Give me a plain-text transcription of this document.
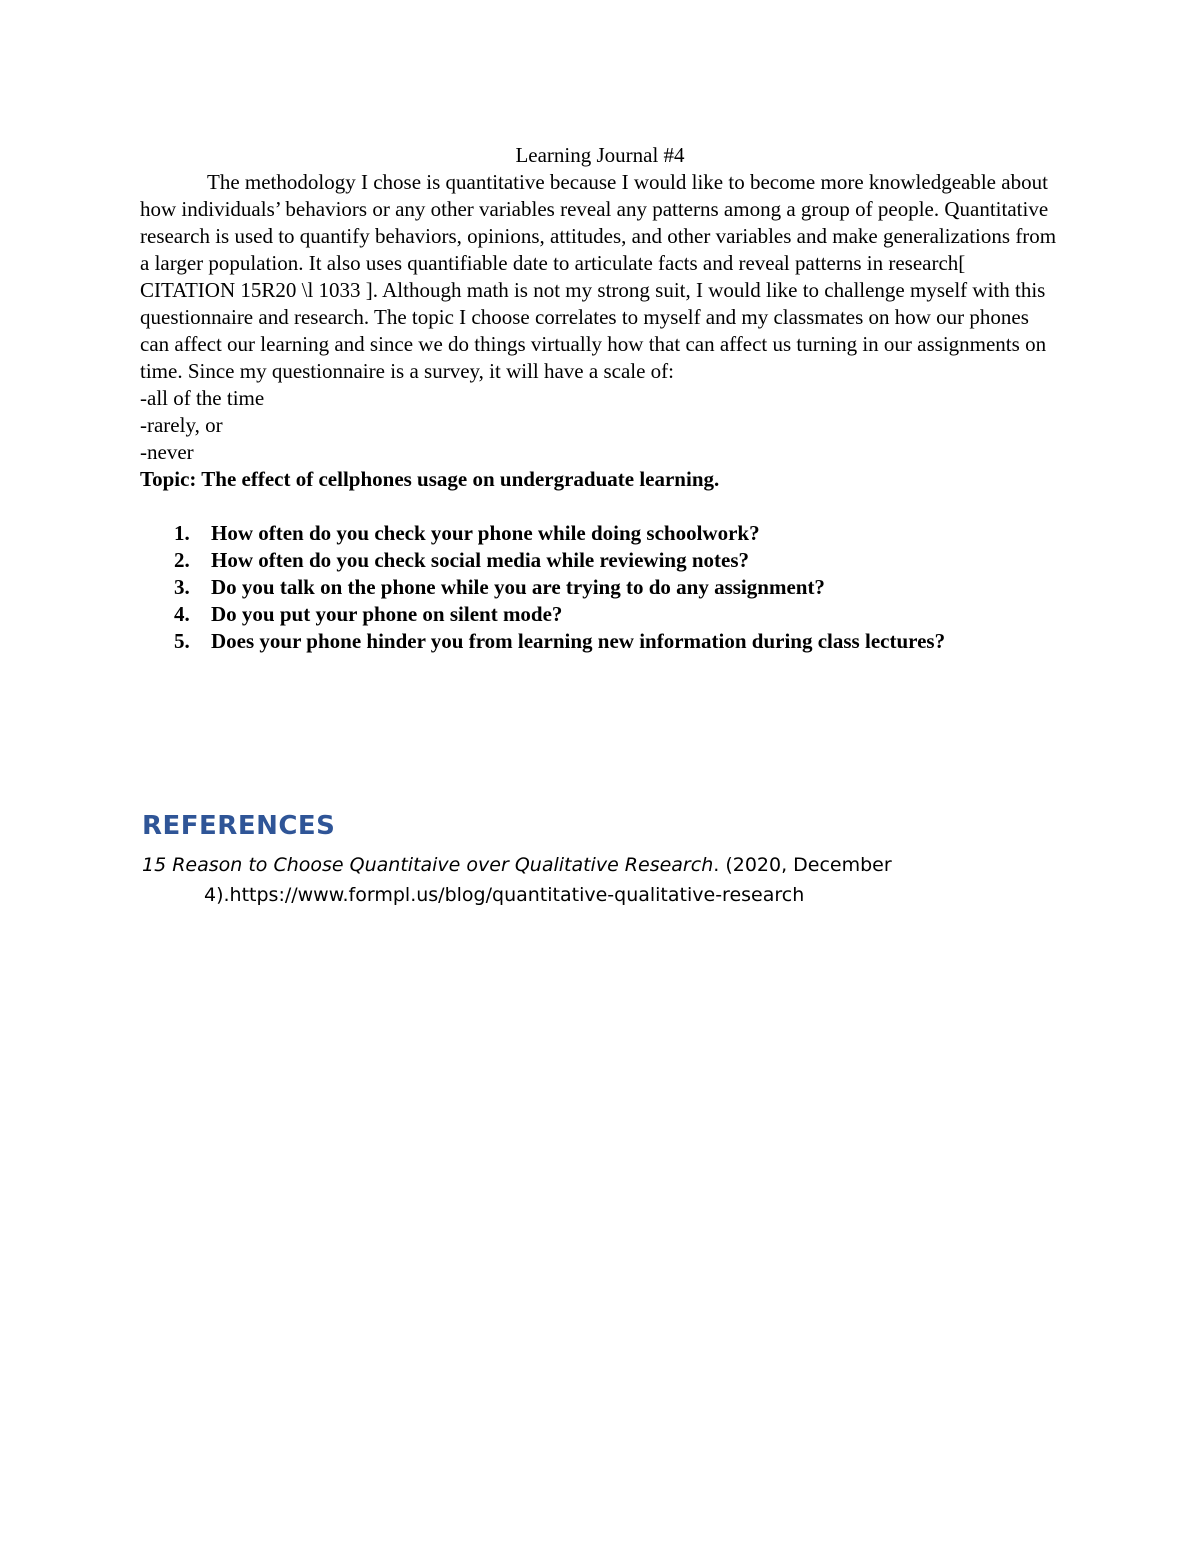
Learning Journal #4

The methodology I chose is quantitative because I would like to become more knowledgeable about how individuals’ behaviors or any other variables reveal any patterns among a group of people. Quantitative research is used to quantify behaviors, opinions, attitudes, and other variables and make generalizations from a larger population. It also uses quantifiable date to articulate facts and reveal patterns in research[ CITATION 15R20 \l 1033 ]. Although math is not my strong suit, I would like to challenge myself with this questionnaire and research. The topic I choose correlates to myself and my classmates on how our phones can affect our learning and since we do things virtually how that can affect us turning in our assignments on time. Since my questionnaire is a survey, it will have a scale of:

-all of the time

-rarely, or

-never

Topic: The effect of cellphones usage on undergraduate learning.

1. How often do you check your phone while doing schoolwork?
2. How often do you check social media while reviewing notes?
3. Do you talk on the phone while you are trying to do any assignment?
4. Do you put your phone on silent mode?
5. Does your phone hinder you from learning new information during class lectures?
REFERENCES

15 Reason to Choose Quantitaive over Qualitative Research. (2020, December 4).https://www.formpl.us/blog/quantitative-qualitative-research
